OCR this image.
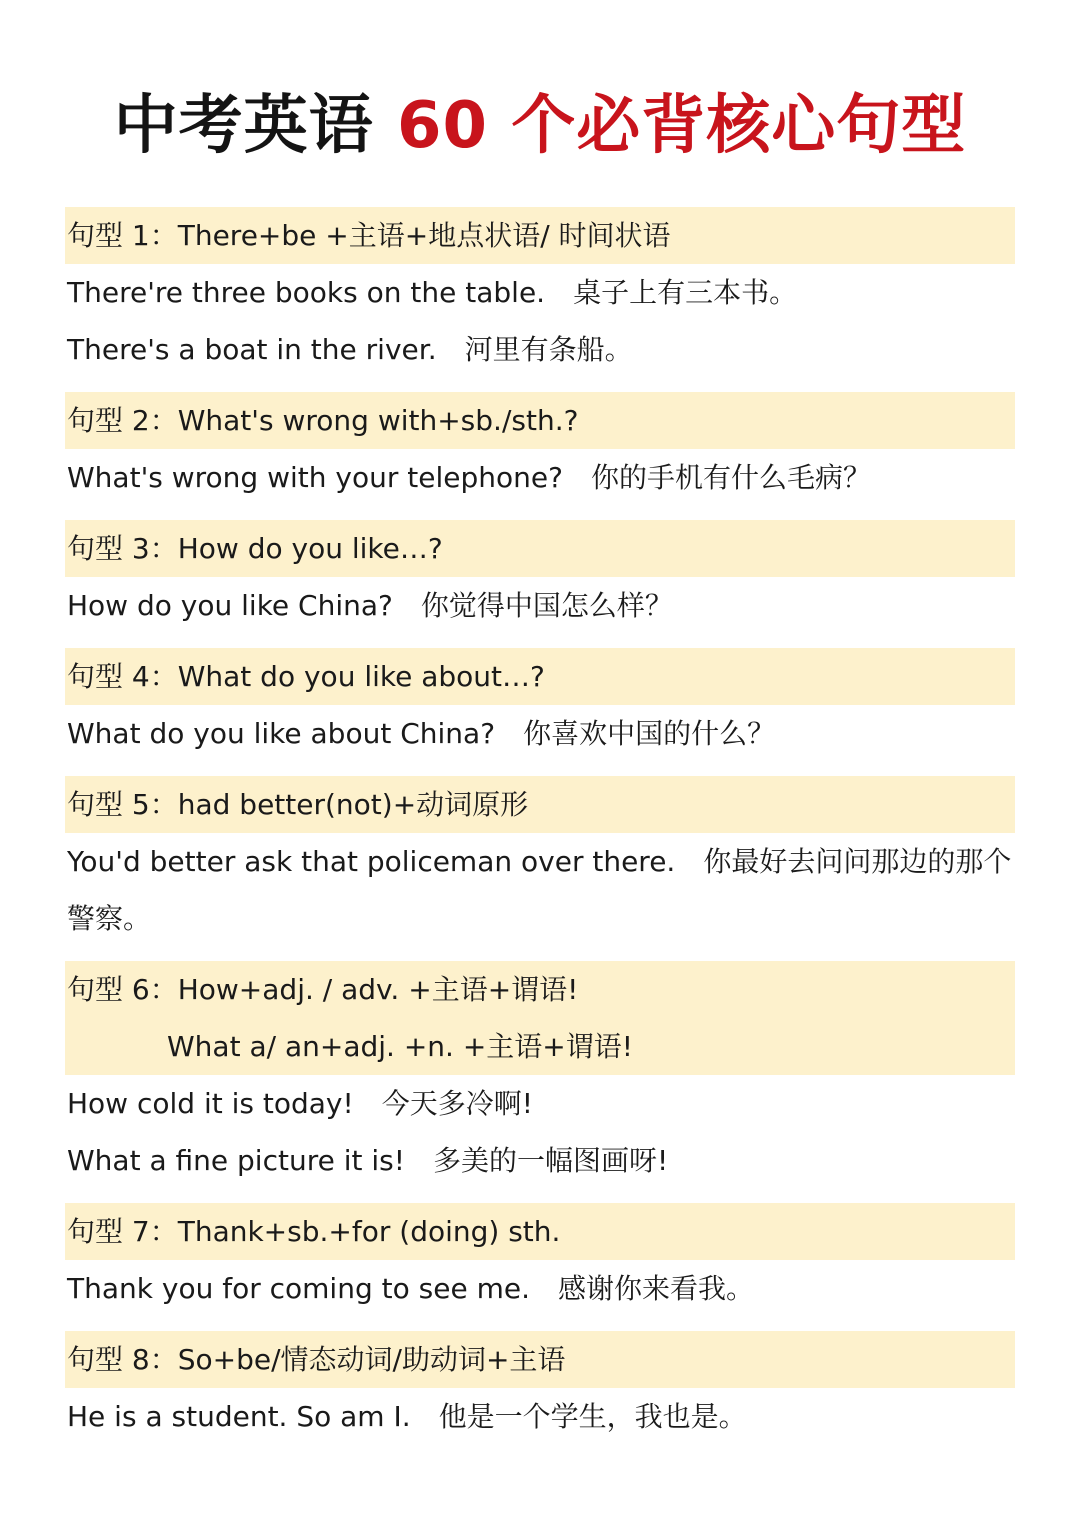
中考英语 60 个必背核心句型
句型 1：There+be +主语+地点状语/ 时间状语
There're three books on the table. 桌子上有三本书。
There's a boat in the river. 河里有条船。
句型 2：What's wrong with+sb./sth.?
What's wrong with your telephone? 你的手机有什么毛病？
句型 3：How do you like…?
How do you like China? 你觉得中国怎么样？
句型 4：What do you like about…?
What do you like about China? 你喜欢中国的什么？
句型 5：had better(not)+动词原形
You'd better ask that policeman over there. 你最好去问问那边的那个警察。
句型 6：How+adj. / adv. +主语+谓语!
What a/ an+adj. +n. +主语+谓语!
How cold it is today! 今天多冷啊!
What a fine picture it is! 多美的一幅图画呀!
句型 7：Thank+sb.+for (doing) sth.
Thank you for coming to see me. 感谢你来看我。
句型 8：So+be/情态动词/助动词+主语
He is a student. So am I. 他是一个学生，我也是。
